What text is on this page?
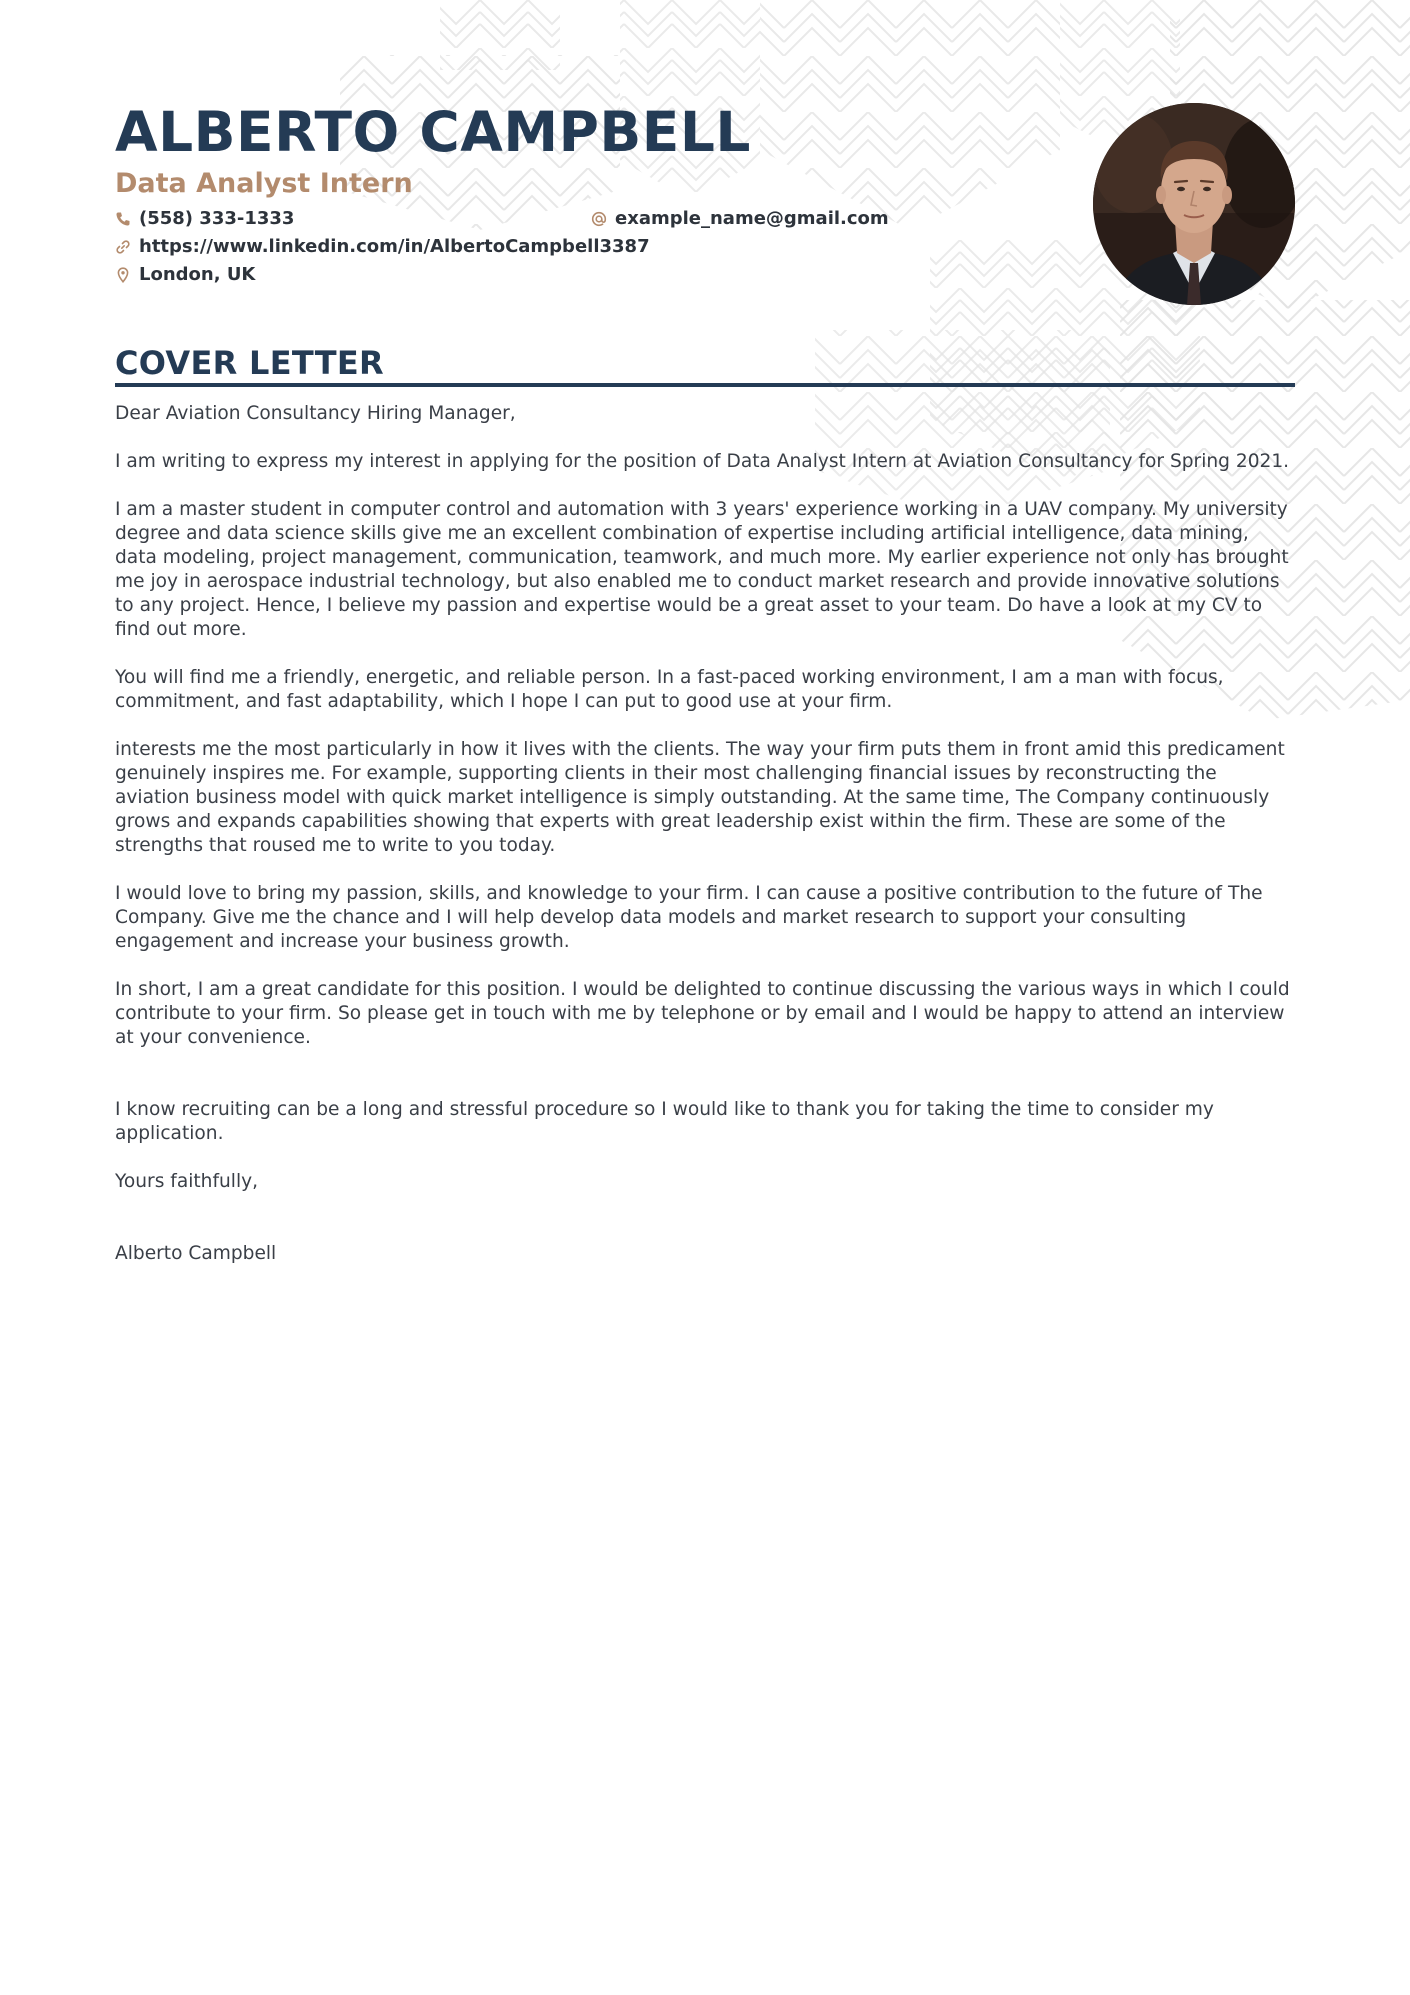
ALBERTO CAMPBELL
Data Analyst Intern
(558) 333-1333	example_name@gmail.com
https://www.linkedin.com/in/AlbertoCampbell3387
London, UK
COVER LETTER

Dear Aviation Consultancy Hiring Manager,

I am writing to express my interest in applying for the position of Data Analyst Intern at Aviation Consultancy for Spring 2021.

I am a master student in computer control and automation with 3 years' experience working in a UAV company. My university degree and data science skills give me an excellent combination of expertise including artificial intelligence, data mining, data modeling, project management, communication, teamwork, and much more. My earlier experience not only has brought me joy in aerospace industrial technology, but also enabled me to conduct market research and provide innovative solutions to any project. Hence, I believe my passion and expertise would be a great asset to your team. Do have a look at my CV to find out more.

You will find me a friendly, energetic, and reliable person. In a fast-paced working environment, I am a man with focus, commitment, and fast adaptability, which I hope I can put to good use at your firm.

interests me the most particularly in how it lives with the clients. The way your firm puts them in front amid this predicament genuinely inspires me. For example, supporting clients in their most challenging financial issues by reconstructing the aviation business model with quick market intelligence is simply outstanding. At the same time, The Company continuously grows and expands capabilities showing that experts with great leadership exist within the firm. These are some of the strengths that roused me to write to you today.

I would love to bring my passion, skills, and knowledge to your firm. I can cause a positive contribution to the future of The Company. Give me the chance and I will help develop data models and market research to support your consulting engagement and increase your business growth.

In short, I am a great candidate for this position. I would be delighted to continue discussing the various ways in which I could contribute to your firm. So please get in touch with me by telephone or by email and I would be happy to attend an interview at your convenience.

I know recruiting can be a long and stressful procedure so I would like to thank you for taking the time to consider my application.

Yours faithfully,

Alberto Campbell
